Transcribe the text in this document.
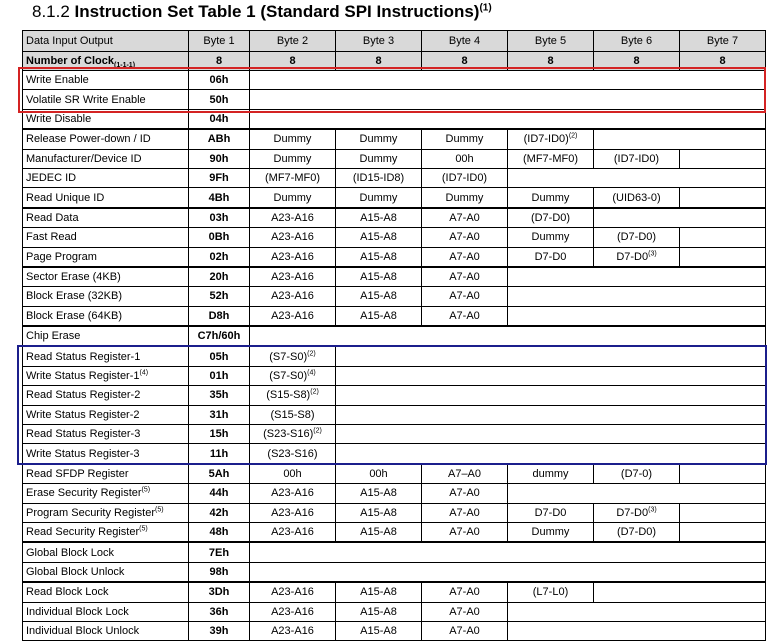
8.1.2 Instruction Set Table 1 (Standard SPI Instructions)$^{(1)}$
Data Input Output	Byte 1	Byte 2	Byte 3	Byte 4	Byte 5	Byte 6	Byte 7
Number of Clock$_{(1-1-1)}$	8	8	8	8	8	8	8
Write Enable	06h						
Volatile SR Write Enable	50h						
Write Disable	04h						
Release Power-down / ID	ABh	Dummy	Dummy	Dummy	$(ID7-ID0)^{(2)}$	
Manufacturer/Device ID	90h	Dummy	Dummy	00h	(MF7-MF0)	(ID7-ID0)	
JEDEC ID	9Fh	(MF7-MF0)	(ID15-ID8)	(ID7-ID0)			
Read Unique ID	4Bh	Dummy	Dummy	Dummy	Dummy	(UID63-0)	
Read Data	03h	A23-A16	A15-A8	A7-A0	(D7-D0)		
Fast Read	0Bh	A23-A16	A15-A8	A7-A0	Dummy	(D7-D0)	
Page Program	02h	A23-A16	A15-A8	A7-A0	D7-D0	D7-D0$^{(3)}$	
Sector Erase (4KB)	20h	A23-A16	A15-A8	A7-A0			
Block Erase (32KB)	52h	A23-A16	A15-A8	A7-A0			
Block Erase (64KB)	D8h	A23-A16	A15-A8	A7-A0			
Chip Erase	C7h/60h						
Read Status Register-1	05h	$(S7-S0)^{(2)}$	
Write Status Register-1$^{(4)}$	01h	$(S7-S0)^{(4)}$	
Read Status Register-2	35h	$(S15-S8)^{(2)}$	
Write Status Register-2	31h	(S15-S8)					
Read Status Register-3	15h	$(S23-S16)^{(2)}$	
Write Status Register-3	11h	(S23-S16)					
Read SFDP Register	5Ah	00h	00h	A7–A0	dummy	(D7-0)	
Erase Security Register$^{(5)}$	44h	A23-A16	A15-A8	A7-A0			
Program Security Register$^{(5)}$	42h	A23-A16	A15-A8	A7-A0	D7-D0	D7-D0$^{(3)}$	
Read Security Register$^{(5)}$	48h	A23-A16	A15-A8	A7-A0	Dummy	(D7-D0)	
Global Block Lock	7Eh						
Global Block Unlock	98h						
Read Block Lock	3Dh	A23-A16	A15-A8	A7-A0	(L7-L0)		
Individual Block Lock	36h	A23-A16	A15-A8	A7-A0			
Individual Block Unlock	39h	A23-A16	A15-A8	A7-A0			
